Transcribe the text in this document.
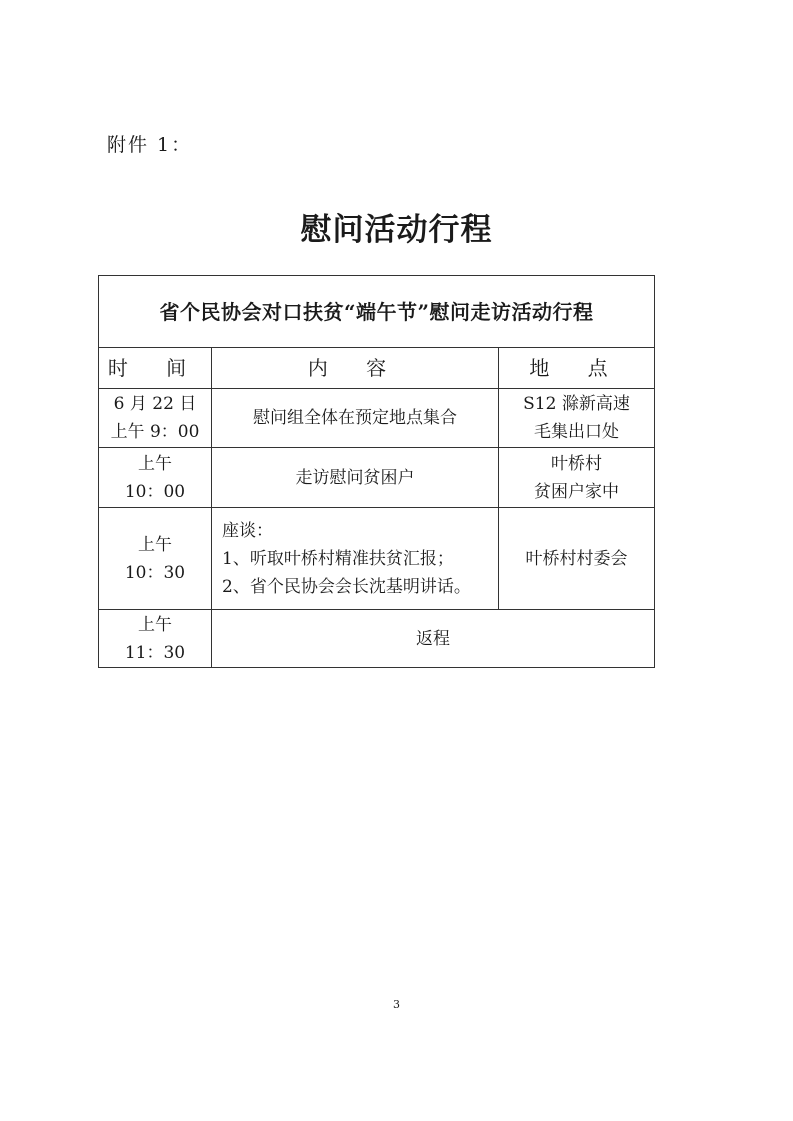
附件 1：
慰问活动行程
省个民协会对口扶贫“端午节”慰问走访活动行程		
时 间	内 容	地 点

6 月 22 日
上午 9：00	慰问组全体在预定地点集合	S12 滁新高速
毛集出口处

上午
10：00	走访慰问贫困户	叶桥村
贫困户家中

上午
10：30	座谈：
1、听取叶桥村精准扶贫汇报；
2、省个民协会会长沈基明讲话。	叶桥村村委会

上午
11：30	返程	
3
